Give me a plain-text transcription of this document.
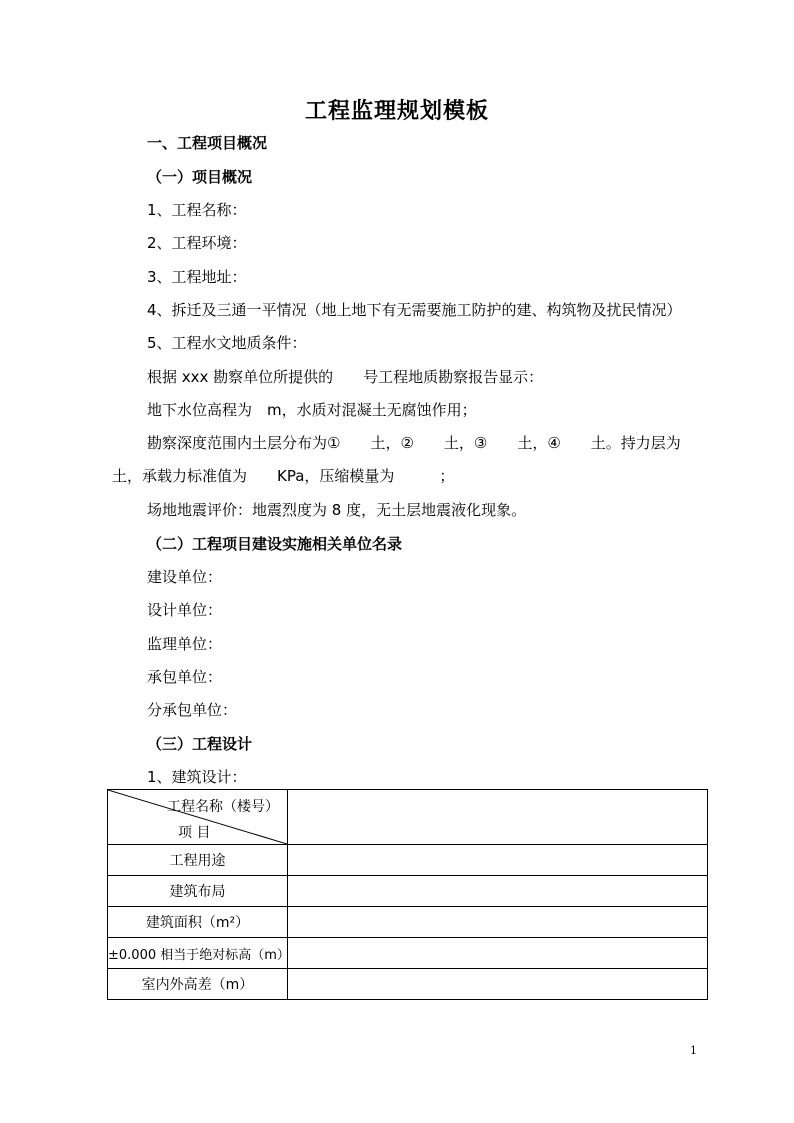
工程监理规划模板
一、工程项目概况
（一）项目概况
1、工程名称：
2、工程环境：
3、工程地址：
4、拆迁及三通一平情况（地上地下有无需要施工防护的建、构筑物及扰民情况）
5、工程水文地质条件：
根据 xxx 勘察单位所提供的　　号工程地质勘察报告显示：
地下水位高程为　m，水质对混凝土无腐蚀作用；
勘察深度范围内土层分布为①　　土，②　　土，③　　土，④　　土。持力层为
土，承载力标准值为　　KPa，压缩模量为　　　；
场地地震评价：地震烈度为 8 度，无土层地震液化现象。
（二）工程项目建设实施相关单位名录
建设单位：
设计单位：
监理单位：
承包单位：
分承包单位：
（三）工程设计
1、建筑设计：
工程名称（楼号）
项 目	

工程用途	
建筑布局	
建筑面积（m²）	
±0.000 相当于绝对标高（m）	
室内外高差（m）	
1
